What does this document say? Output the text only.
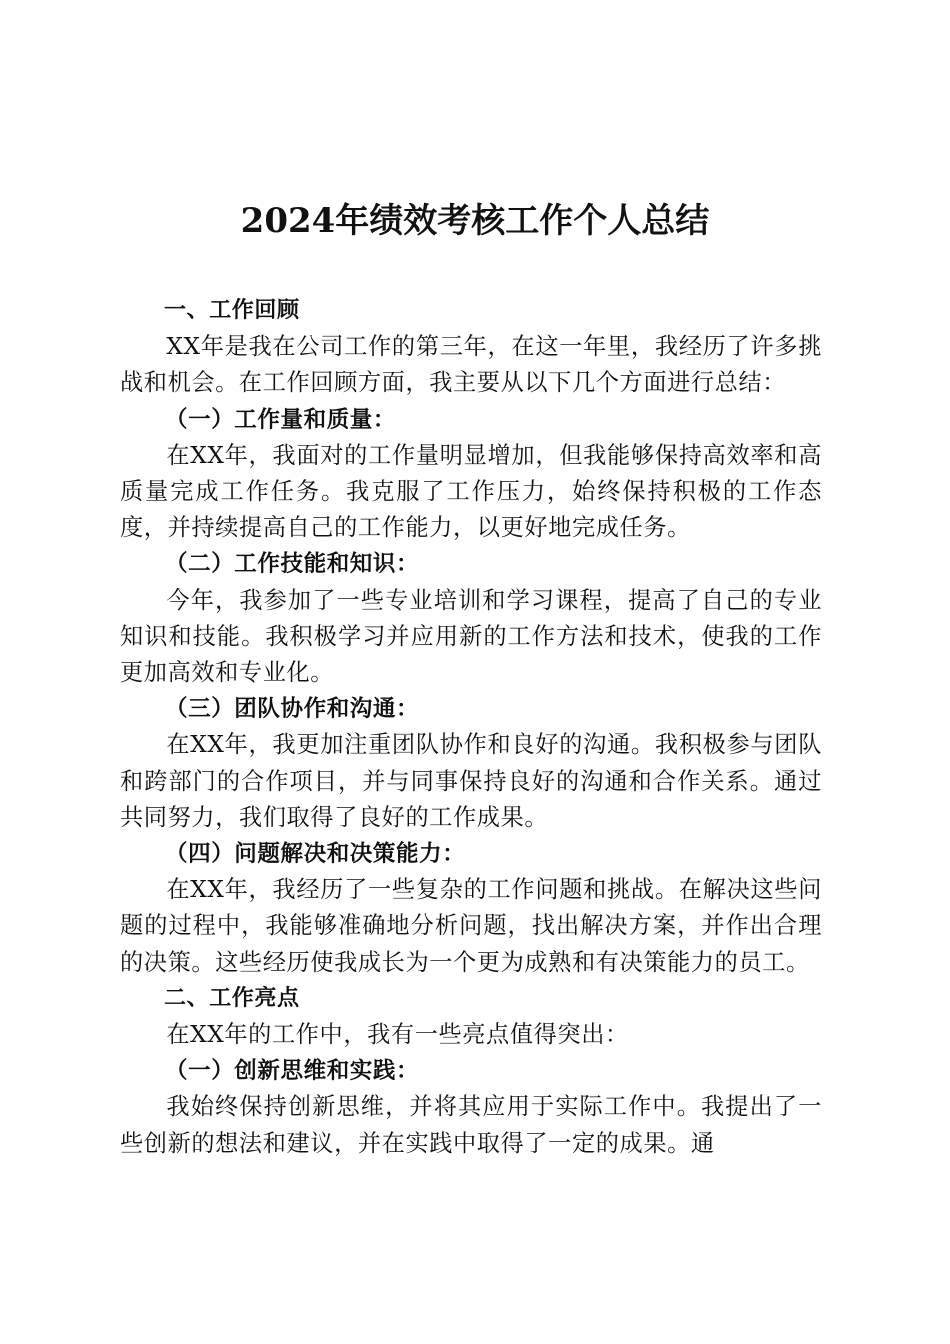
2024年绩效考核工作个人总结

一、工作回顾

XX年是我在公司工作的第三年，在这一年里，我经历了许多挑战和机会。在工作回顾方面，我主要从以下几个方面进行总结：

（一）工作量和质量：

在XX年，我面对的工作量明显增加，但我能够保持高效率和高质量完成工作任务。我克服了工作压力，始终保持积极的工作态度，并持续提高自己的工作能力，以更好地完成任务。

（二）工作技能和知识：

今年，我参加了一些专业培训和学习课程，提高了自己的专业知识和技能。我积极学习并应用新的工作方法和技术，使我的工作更加高效和专业化。

（三）团队协作和沟通：

在XX年，我更加注重团队协作和良好的沟通。我积极参与团队和跨部门的合作项目，并与同事保持良好的沟通和合作关系。通过共同努力，我们取得了良好的工作成果。

（四）问题解决和决策能力：

在XX年，我经历了一些复杂的工作问题和挑战。在解决这些问题的过程中，我能够准确地分析问题，找出解决方案，并作出合理的决策。这些经历使我成长为一个更为成熟和有决策能力的员工。

二、工作亮点

在XX年的工作中，我有一些亮点值得突出：

（一）创新思维和实践：

我始终保持创新思维，并将其应用于实际工作中。我提出了一些创新的想法和建议，并在实践中取得了一定的成果。通
